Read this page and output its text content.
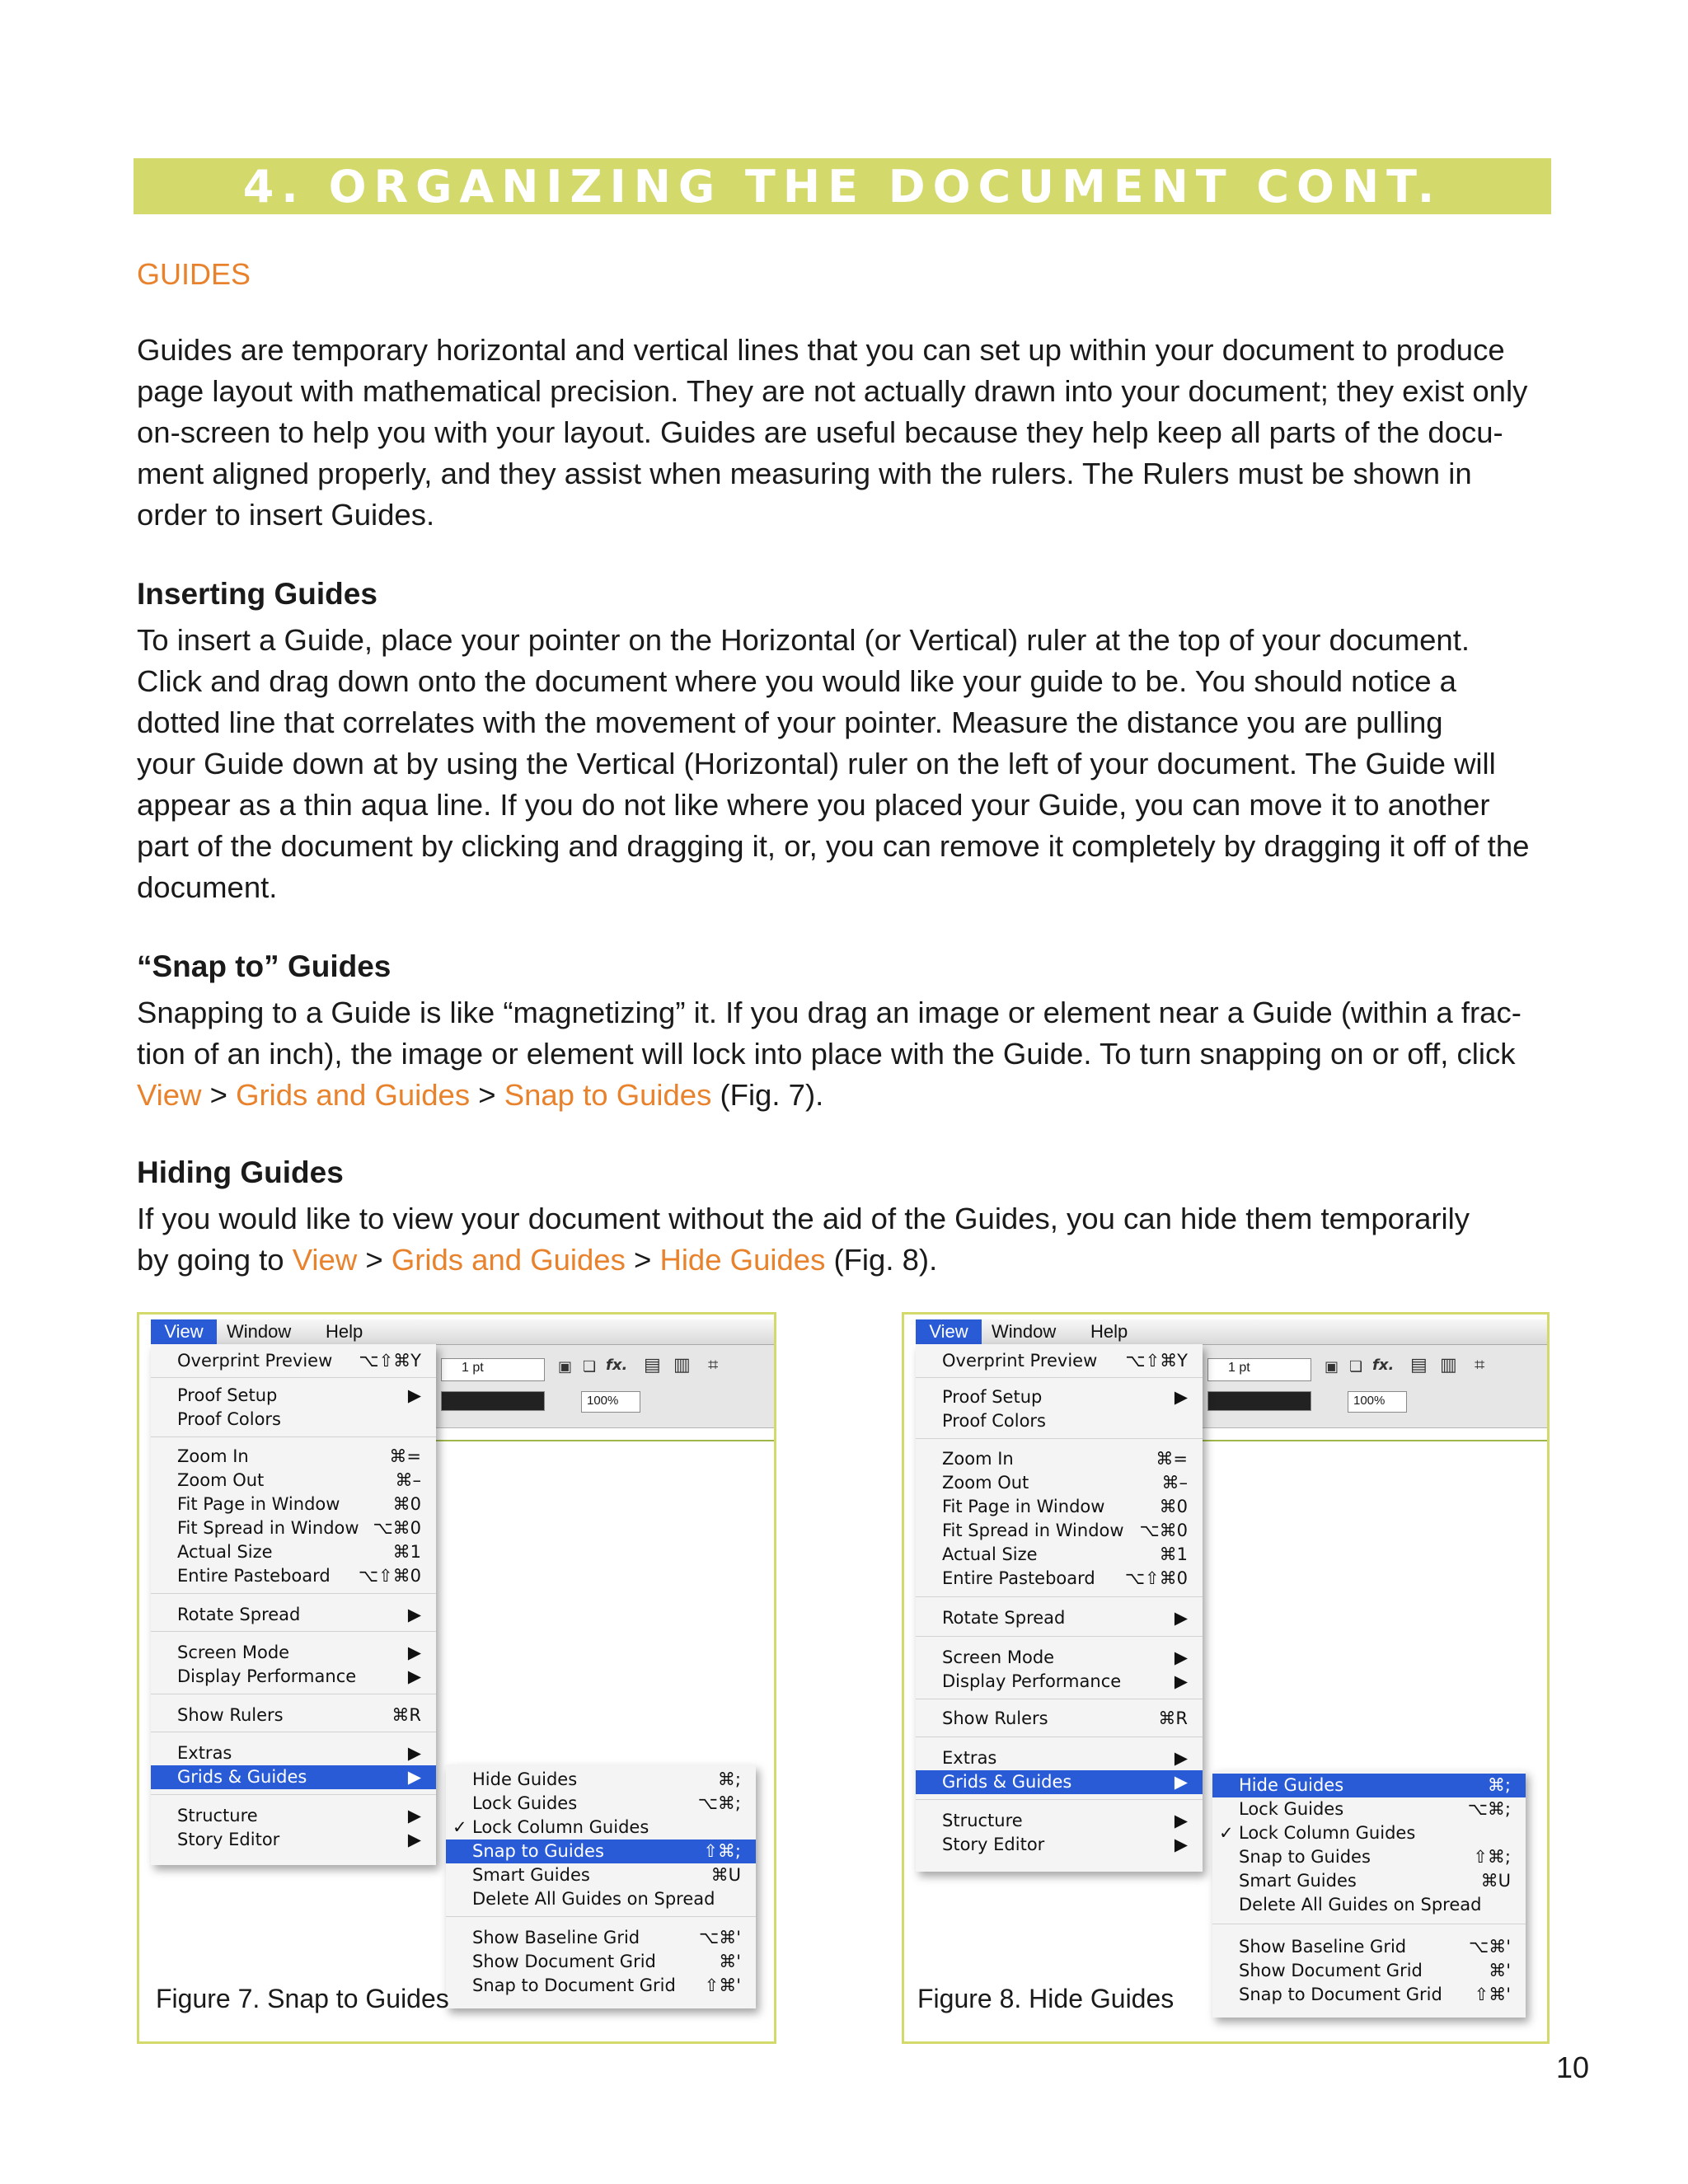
4. ORGANIZING THE DOCUMENT CONT.
GUIDES
Guides are temporary horizontal and vertical lines that you can set up within your document to produce
page layout with mathematical precision. They are not actually drawn into your document; they exist only
on-screen to help you with your layout. Guides are useful because they help keep all parts of the docu-
ment aligned properly, and they assist when measuring with the rulers. The Rulers must be shown in
order to insert Guides.
Inserting Guides
To insert a Guide, place your pointer on the Horizontal (or Vertical) ruler at the top of your document.
Click and drag down onto the document where you would like your guide to be. You should notice a
dotted line that correlates with the movement of your pointer. Measure the distance you are pulling
your Guide down at by using the Vertical (Horizontal) ruler on the left of your document. The Guide will
appear as a thin aqua line. If you do not like where you placed your Guide, you can move it to another
part of the document by clicking and dragging it, or, you can remove it completely by dragging it off of the
document.
“Snap to” Guides
Snapping to a Guide is like “magnetizing” it. If you drag an image or element near a Guide (within a frac-
tion of an inch), the image or element will lock into place with the Guide. To turn snapping on or off, click
View > Grids and Guides > Snap to Guides (Fig. 7).
Hiding Guides
If you would like to view your document without the aid of the Guides, you can hide them temporarily
by going to View > Grids and Guides > Hide Guides (Fig. 8).
View	Window Help
1 pt	▣ ❏ fx.
100%
▤ ▥ ⌗
Overprint Preview ⌥⇧⌘Y
Proof Setup	▶
Proof Colors
Zoom In	⌘=
Zoom Out	⌘–
Fit Page in Window	⌘0
Fit Spread in Window ⌥⌘0
Actual Size	⌘1
Entire Pasteboard ⌥⇧⌘0
Rotate Spread	▶
Screen Mode	▶
Display Performance	▶
Show Rulers	⌘R
Extras	▶
Grids & Guides	▶
Structure	▶
Story Editor	▶
Hide Guides	⌘;
Lock Guides	⌥⌘;
✓ Lock Column Guides
Snap to Guides	⇧⌘;
Smart Guides	⌘U
Delete All Guides on Spread
Show Baseline Grid	⌥⌘'
Show Document Grid	⌘'
Snap to Document Grid ⇧⌘'
Figure 7. Snap to Guides
View	Window Help
1 pt	▣ ❏ fx.
100%
▤ ▥ ⌗
Overprint Preview ⌥⇧⌘Y
Proof Setup	▶
Proof Colors
Zoom In	⌘=
Zoom Out	⌘–
Fit Page in Window	⌘0
Fit Spread in Window ⌥⌘0
Actual Size	⌘1
Entire Pasteboard ⌥⇧⌘0
Rotate Spread	▶
Screen Mode	▶
Display Performance	▶
Show Rulers	⌘R
Extras	▶
Grids & Guides	▶
Structure	▶
Story Editor	▶
Hide Guides	⌘;
Lock Guides	⌥⌘;
✓ Lock Column Guides
Snap to Guides	⇧⌘;
Smart Guides	⌘U
Delete All Guides on Spread
Show Baseline Grid	⌥⌘'
Show Document Grid	⌘'
Snap to Document Grid ⇧⌘'
Figure 8. Hide Guides
10
